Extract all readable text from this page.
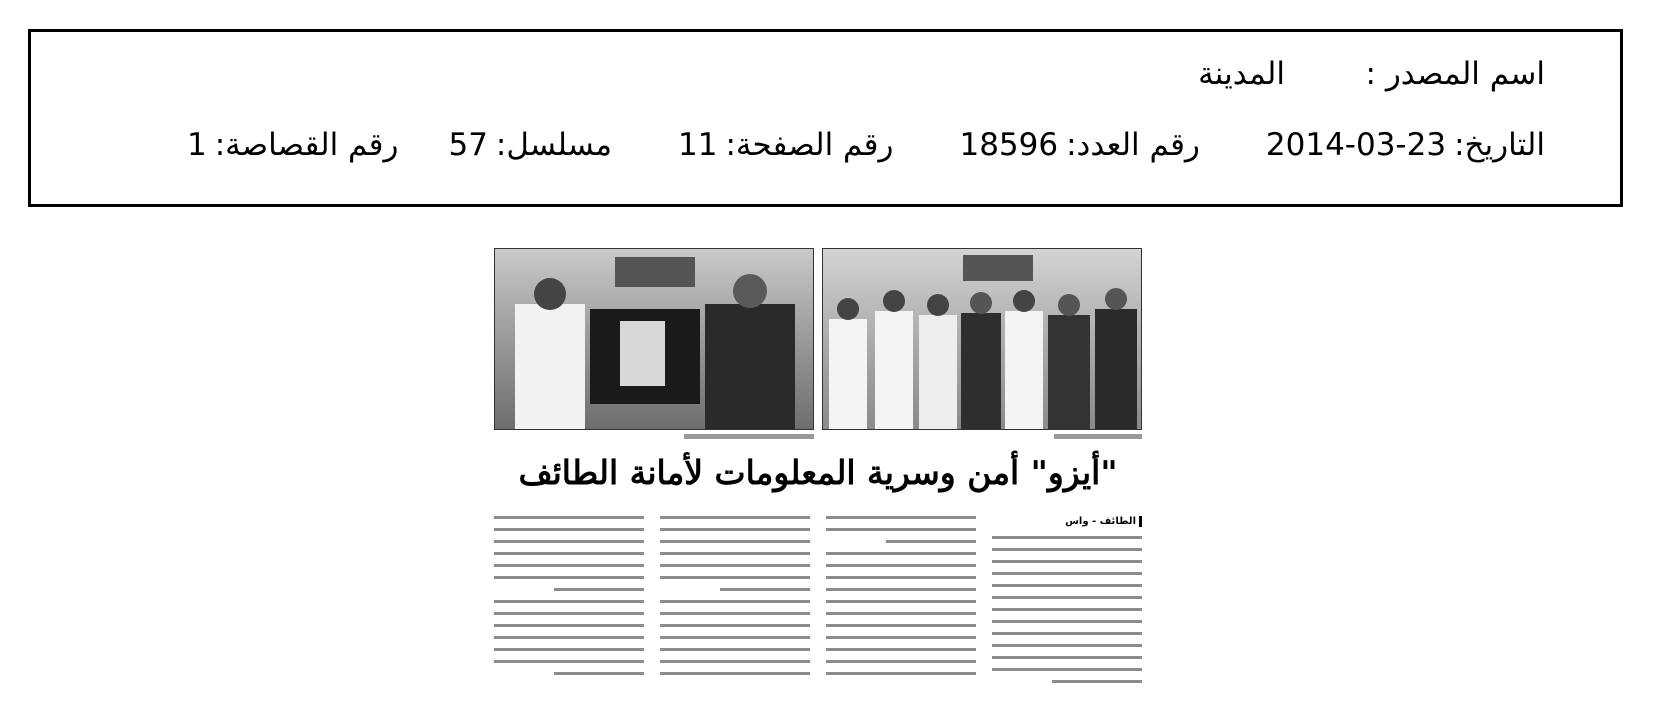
اسم المصدر :
المدينة
التاريخ:
2014-03-23
رقم العدد:
18596
رقم الصفحة:
11
مسلسل:
57
رقم القصاصة:
1
"أيزو" أمن وسرية المعلومات لأمانة الطائف
الطائف - واس
